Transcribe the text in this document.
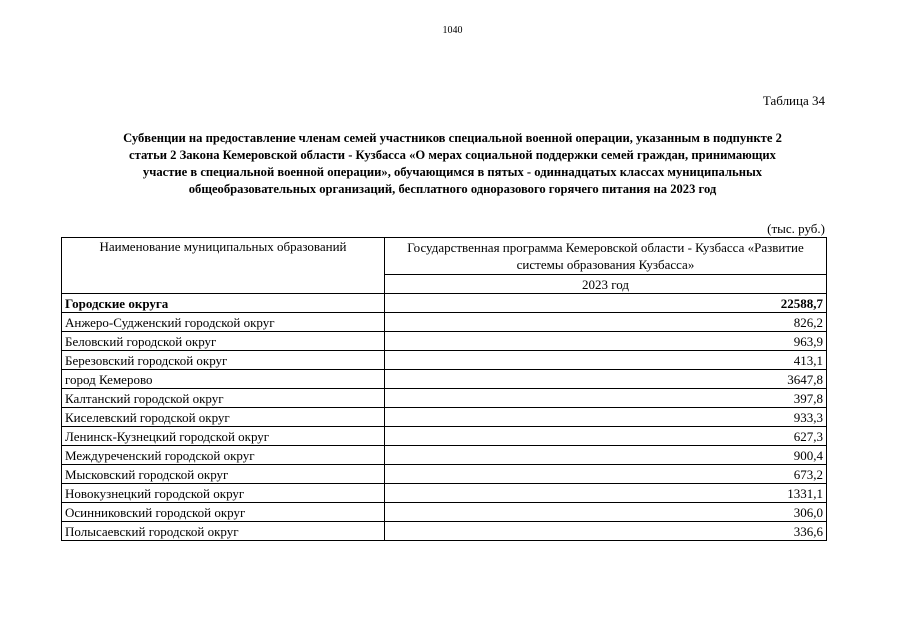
1040
Таблица 34
Субвенции на предоставление членам семей участников специальной военной операции, указанным в подпункте 2
статьи 2 Закона Кемеровской области - Кузбасса «О мерах социальной поддержки семей граждан, принимающих
участие в специальной военной операции», обучающимся в пятых - одиннадцатых классах муниципальных
общеобразовательных организаций, бесплатного одноразового горячего питания на 2023 год
(тыс. руб.)
Наименование муниципальных образований	Государственная программа Кемеровской области - Кузбасса «Развитие системы образования Кузбасса»
	2023 год
Городские округа	22588,7
Анжеро-Судженский городской округ	826,2
Беловский городской округ	963,9
Березовский городской округ	413,1
город Кемерово	3647,8
Калтанский городской округ	397,8
Киселевский городской округ	933,3
Ленинск-Кузнецкий городской округ	627,3
Междуреченский городской округ	900,4
Мысковский городской округ	673,2
Новокузнецкий городской округ	1331,1
Осинниковский городской округ	306,0
Полысаевский городской округ	336,6
